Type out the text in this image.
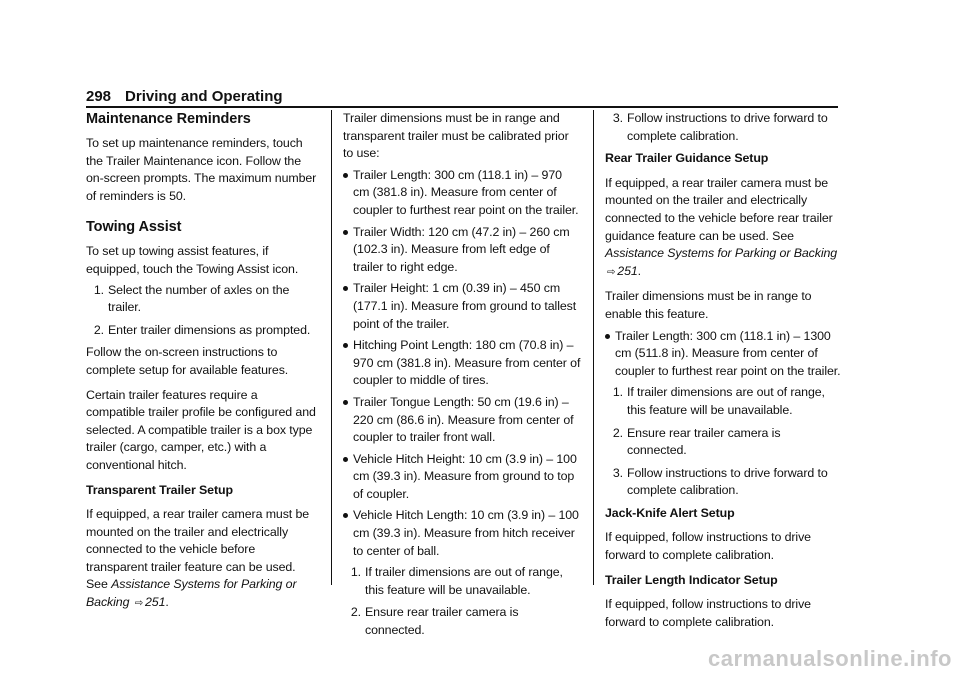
298 Driving and Operating
Maintenance Reminders

To set up maintenance reminders, touch the Trailer Maintenance icon. Follow the on-screen prompts. The maximum number of reminders is 50.

Towing Assist

To set up towing assist features, if equipped, touch the Towing Assist icon.

1. Select the number of axles on the trailer.
2. Enter trailer dimensions as prompted.

Follow the on-screen instructions to complete setup for available features.

Certain trailer features require a compatible trailer profile be configured and selected. A compatible trailer is a box type trailer (cargo, camper, etc.) with a conventional hitch.

Transparent Trailer Setup

If equipped, a rear trailer camera must be mounted on the trailer and electrically connected to the vehicle before transparent trailer feature can be used. See Assistance Systems for Parking or Backing ⇨ 251.

Trailer dimensions must be in range and transparent trailer must be calibrated prior to use:

Trailer Length: 300 cm (118.1 in) – 970 cm (381.8 in). Measure from center of coupler to furthest rear point on the trailer.
Trailer Width: 120 cm (47.2 in) – 260 cm (102.3 in). Measure from left edge of trailer to right edge.
Trailer Height: 1 cm (0.39 in) – 450 cm (177.1 in). Measure from ground to tallest point of the trailer.
Hitching Point Length: 180 cm (70.8 in) – 970 cm (381.8 in). Measure from center of coupler to middle of tires.
Trailer Tongue Length: 50 cm (19.6 in) – 220 cm (86.6 in). Measure from center of coupler to trailer front wall.
Vehicle Hitch Height: 10 cm (3.9 in) – 100 cm (39.3 in). Measure from ground to top of coupler.
Vehicle Hitch Length: 10 cm (3.9 in) – 100 cm (39.3 in). Measure from hitch receiver to center of ball.
1. If trailer dimensions are out of range, this feature will be unavailable.
2. Ensure rear trailer camera is connected.
3. Follow instructions to drive forward to complete calibration.
Rear Trailer Guidance Setup

If equipped, a rear trailer camera must be mounted on the trailer and electrically connected to the vehicle before rear trailer guidance feature can be used. See Assistance Systems for Parking or Backing ⇨ 251.

Trailer dimensions must be in range to enable this feature.

Trailer Length: 300 cm (118.1 in) – 1300 cm (511.8 in). Measure from center of coupler to furthest rear point on the trailer.
1. If trailer dimensions are out of range, this feature will be unavailable.
2. Ensure rear trailer camera is connected.
3. Follow instructions to drive forward to complete calibration.
Jack-Knife Alert Setup

If equipped, follow instructions to drive forward to complete calibration.

Trailer Length Indicator Setup

If equipped, follow instructions to drive forward to complete calibration.

carmanualsonline.info
